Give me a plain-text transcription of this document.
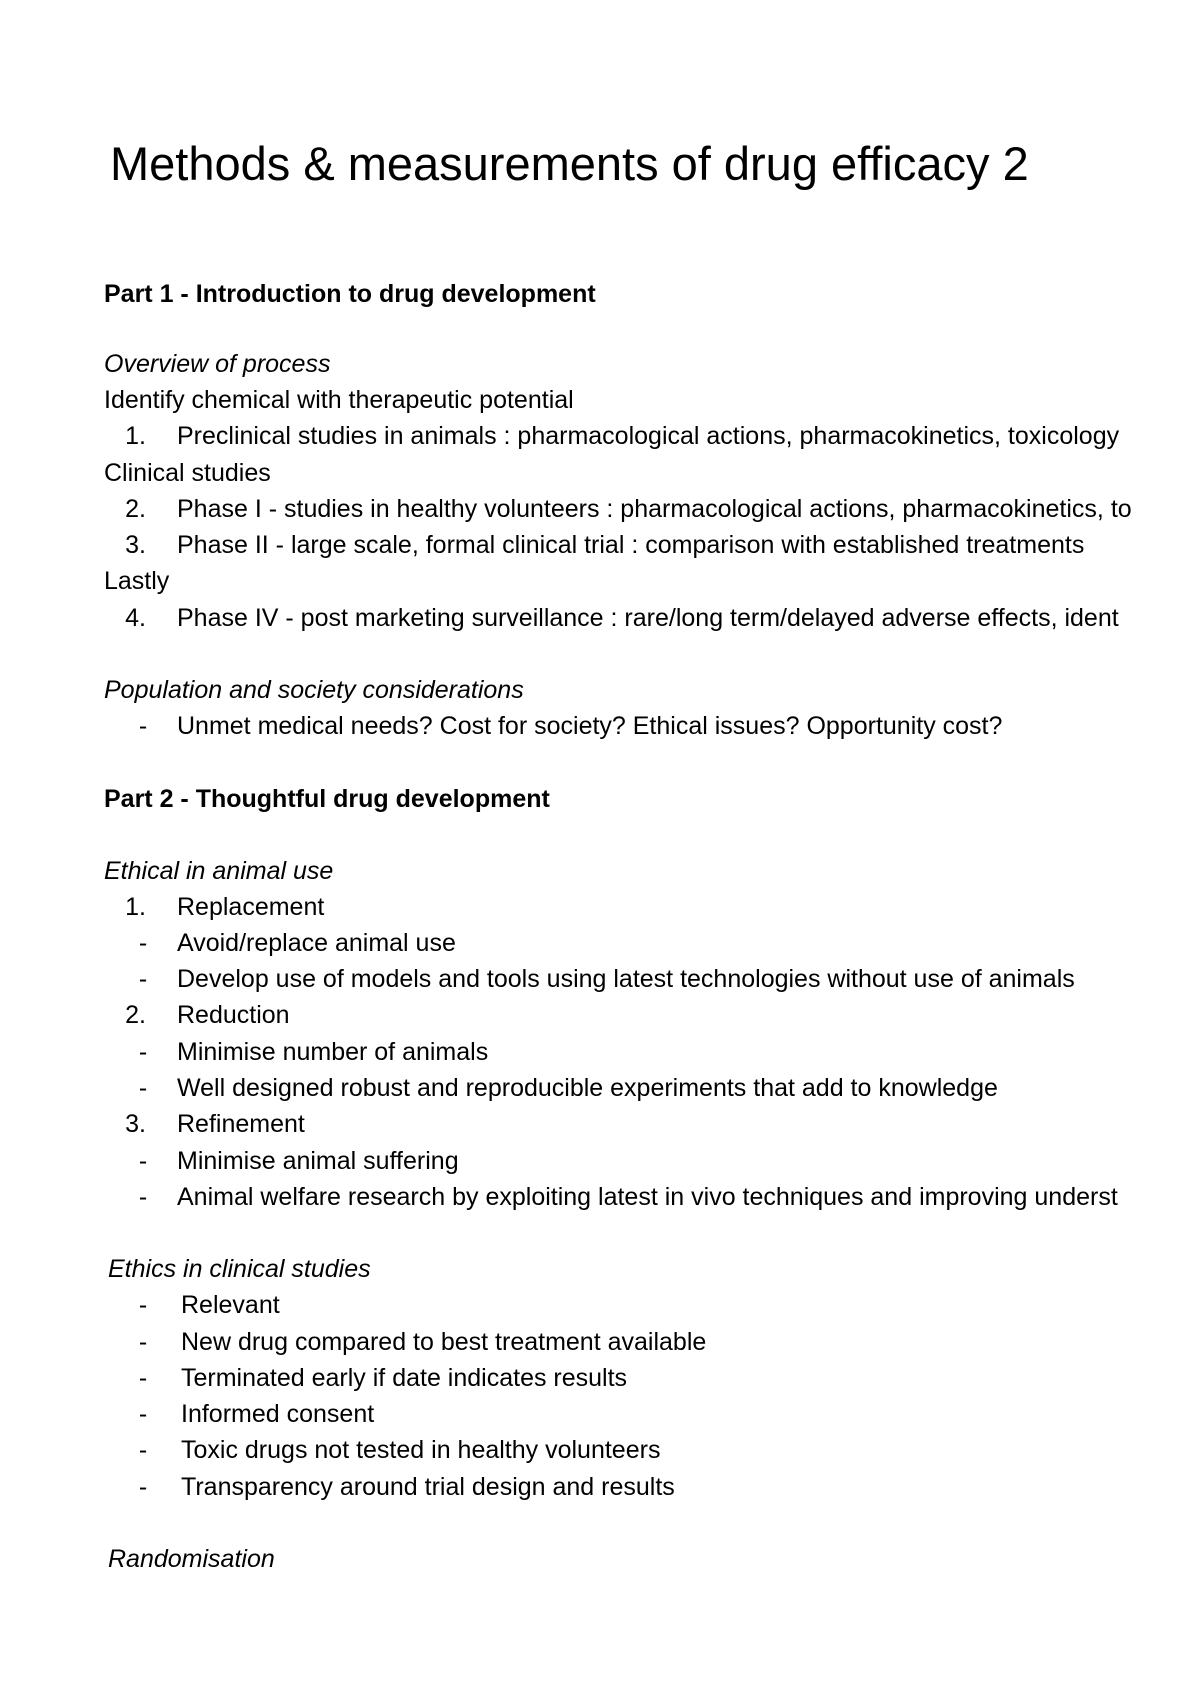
Methods & measurements of drug efficacy 2
Part 1 - Introduction to drug development
Overview of process
Identify chemical with therapeutic potential
1. Preclinical studies in animals : pharmacological actions, pharmacokinetics, toxicology
Clinical studies
2. Phase I - studies in healthy volunteers : pharmacological actions, pharmacokinetics, to
3. Phase II - large scale, formal clinical trial : comparison with established treatments
Lastly
4. Phase IV - post marketing surveillance : rare/long term/delayed adverse effects, ident
Population and society considerations
- Unmet medical needs? Cost for society? Ethical issues? Opportunity cost?
Part 2 - Thoughtful drug development
Ethical in animal use
1. Replacement
- Avoid/replace animal use
- Develop use of models and tools using latest technologies without use of animals
2. Reduction
- Minimise number of animals
- Well designed robust and reproducible experiments that add to knowledge
3. Refinement
- Minimise animal suffering
- Animal welfare research by exploiting latest in vivo techniques and improving underst
Ethics in clinical studies
- Relevant
- New drug compared to best treatment available
- Terminated early if date indicates results
- Informed consent
- Toxic drugs not tested in healthy volunteers
- Transparency around trial design and results
Randomisation
